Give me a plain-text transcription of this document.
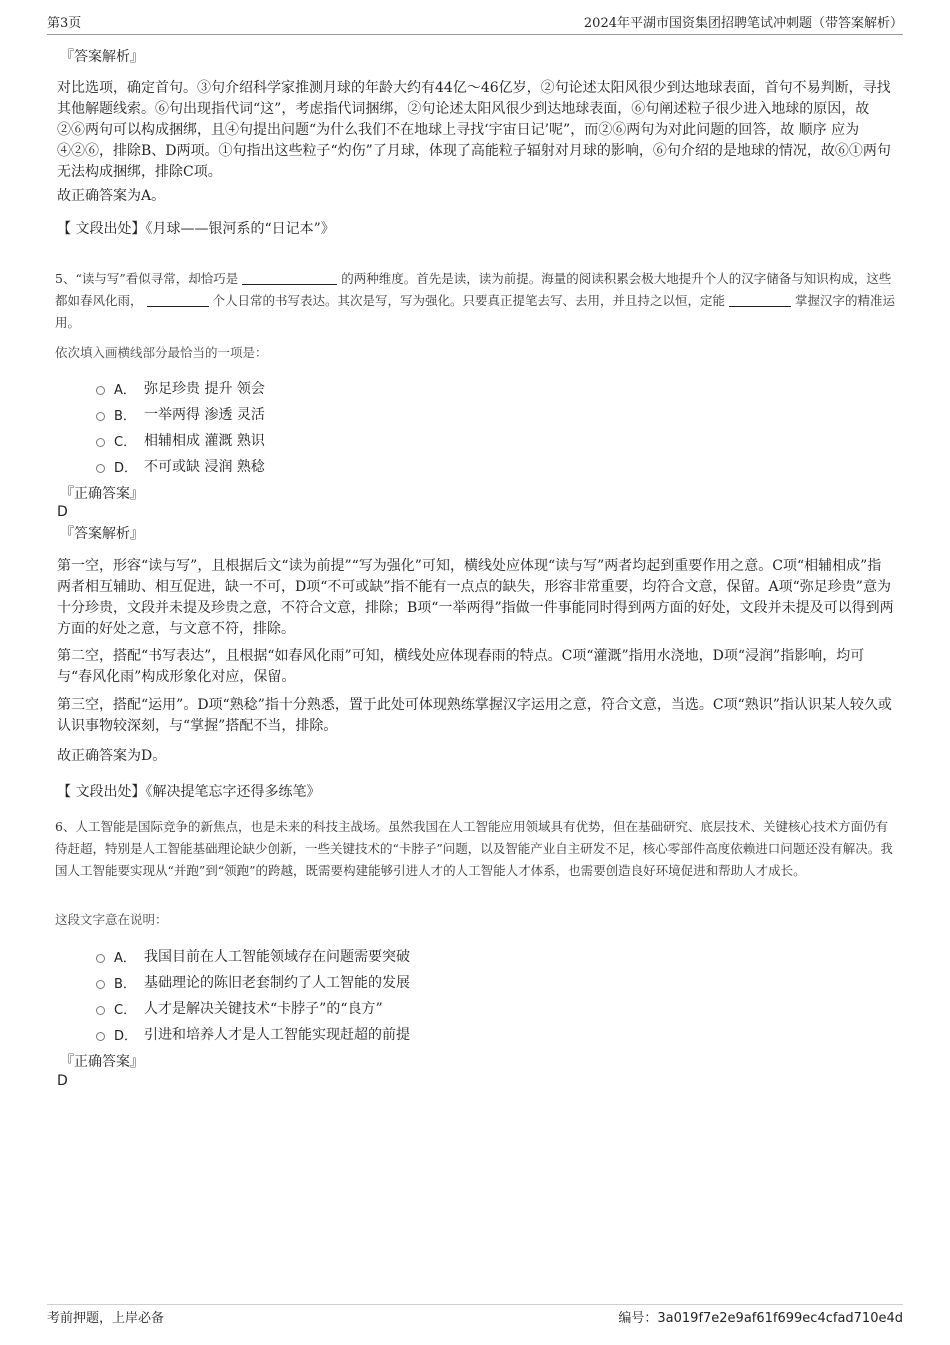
第3页	2024年平湖市国资集团招聘笔试冲刺题（带答案解析）
『答案解析』

对比选项，确定首句。③句介绍科学家推测月球的年龄大约有44亿～46亿岁，②句论述太阳风很少到达地球表面，首句不易判断，寻找其他解题线索。⑥句出现指代词“这”，考虑指代词捆绑，②句论述太阳风很少到达地球表面，⑥句阐述粒子很少进入地球的原因，故②⑥两句可以构成捆绑，且④句提出问题“为什么我们不在地球上寻找‘宇宙日记’呢”，而②⑥两句为对此问题的回答，故 顺序 应为④②⑥，排除B、D两项。①句指出这些粒子“灼伤”了月球，体现了高能粒子辐射对月球的影响，⑥句介绍的是地球的情况，故⑥①两句无法构成捆绑，排除C项。

故正确答案为A。

【 文段出处】《月球——银河系的“日记本”》

5、“读与写”看似寻常，却恰巧是	的两种维度。首先是读，读为前提。海量的阅读积累会极大地提升个人的汉字储备与知识构成，这些都如春风化雨，	个人日常的书写表达。其次是写，写为强化。只要真正提笔去写、去用，并且持之以恒，定能	掌握汉字的精准运用。

依次填入画横线部分最恰当的一项是：
A． 弥足珍贵 提升 领会
B． 一举两得 渗透 灵活
C． 相辅相成 灌溉 熟识
D． 不可或缺 浸润 熟稔
『正确答案』
D
『答案解析』

第一空，形容“读与写”，且根据后文“读为前提”“写为强化”可知，横线处应体现“读与写”两者均起到重要作用之意。C项“相辅相成”指两者相互辅助、相互促进，缺一不可，D项“不可或缺”指不能有一点点的缺失，形容非常重要，均符合文意，保留。A项“弥足珍贵”意为十分珍贵，文段并未提及珍贵之意，不符合文意，排除；B项“一举两得”指做一件事能同时得到两方面的好处，文段并未提及可以得到两方面的好处之意，与文意不符，排除。

第二空，搭配“书写表达”，且根据“如春风化雨”可知，横线处应体现春雨的特点。C项“灌溉”指用水浇地，D项“浸润”指影响，均可与“春风化雨”构成形象化对应，保留。

第三空，搭配“运用”。D项“熟稔”指十分熟悉，置于此处可体现熟练掌握汉字运用之意，符合文意，当选。C项“熟识”指认识某人较久或认识事物较深刻，与“掌握”搭配不当，排除。

故正确答案为D。

【 文段出处】《解决提笔忘字还得多练笔》

6、人工智能是国际竞争的新焦点，也是未来的科技主战场。虽然我国在人工智能应用领域具有优势，但在基础研究、底层技术、关键核心技术方面仍有待赶超，特别是人工智能基础理论缺少创新，一些关键技术的“卡脖子”问题，以及智能产业自主研发不足，核心零部件高度依赖进口问题还没有解决。我国人工智能要实现从“并跑”到“领跑”的跨越，既需要构建能够引进人才的人工智能人才体系，也需要创造良好环境促进和帮助人才成长。

这段文字意在说明：
A． 我国目前在人工智能领域存在问题需要突破
B． 基础理论的陈旧老套制约了人工智能的发展
C． 人才是解决关键技术“卡脖子”的“良方”
D． 引进和培养人才是人工智能实现赶超的前提
『正确答案』
D
考前押题，上岸必备	编号：3a019f7e2e9af61f699ec4cfad710e4d
